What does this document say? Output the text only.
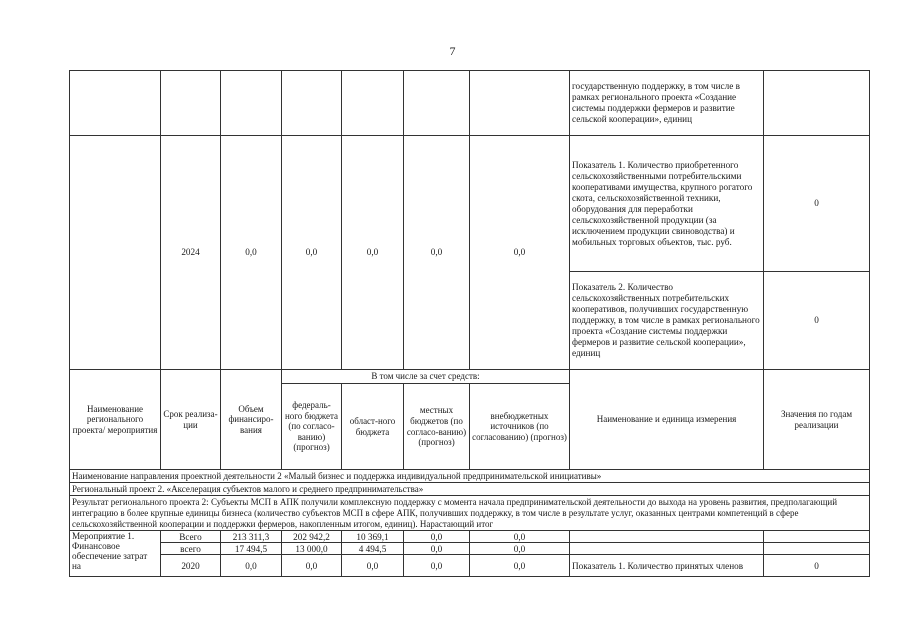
7
							государственную поддержку, в том числе в рамках регионального проекта «Создание системы поддержки фермеров и развитие сельской кооперации», единиц	
	2024	0,0	0,0	0,0	0,0	0,0	Показатель 1. Количество приобретенного сельскохозяйственными потребительскими кооперативами имущества, крупного рогатого скота, сельскохозяйственной техники, оборудования для переработки сельскохозяйственной продукции (за исключением продукции свиноводства) и мобильных торговых объектов, тыс. руб.	0
							Показатель 2. Количество сельскохозяйственных потребительских кооперативов, получивших государственную поддержку, в том числе в рамках регионального проекта «Создание системы поддержки фермеров и развитие сельской кооперации», единиц	0
Наименование регионального проекта/ мероприятия	Срок реализа-ции	Объем финансиро-вания	В том числе за счет средств:				Наименование и единица измерения	Значения по годам реализации
			федераль-ного бюджета (по согласо-ванию) (прогноз)	област-ного бюджета	местных бюджетов (по согласо-ванию) (прогноз)	внебюджетных источников (по согласованию) (прогноз)		
Наименование направления проектной деятельности 2 «Малый бизнес и поддержка индивидуальной предпринимательской инициативы»								
Региональный проект 2. «Акселерация субъектов малого и среднего предпринимательства»								
Результат регионального проекта 2: Субъекты МСП в АПК получили комплексную поддержку с момента начала предпринимательской деятельности до выхода на уровень развития, предполагающий интеграцию в более крупные единицы бизнеса (количество субъектов МСП в сфере АПК, получивших поддержку, в том числе в результате услуг, оказанных центрами компетенций в сфере сельскохозяйственной кооперации и поддержки фермеров, накопленным итогом, единиц). Нарастающий итог								
Мероприятие 1.
Финансовое обеспечение затрат на	Всего	213 311,3	202 942,2	10 369,1	0,0	0,0		
	всего	17 494,5	13 000,0	4 494,5	0,0	0,0		
	2020	0,0	0,0	0,0	0,0	0,0	Показатель 1. Количество принятых членов	0
